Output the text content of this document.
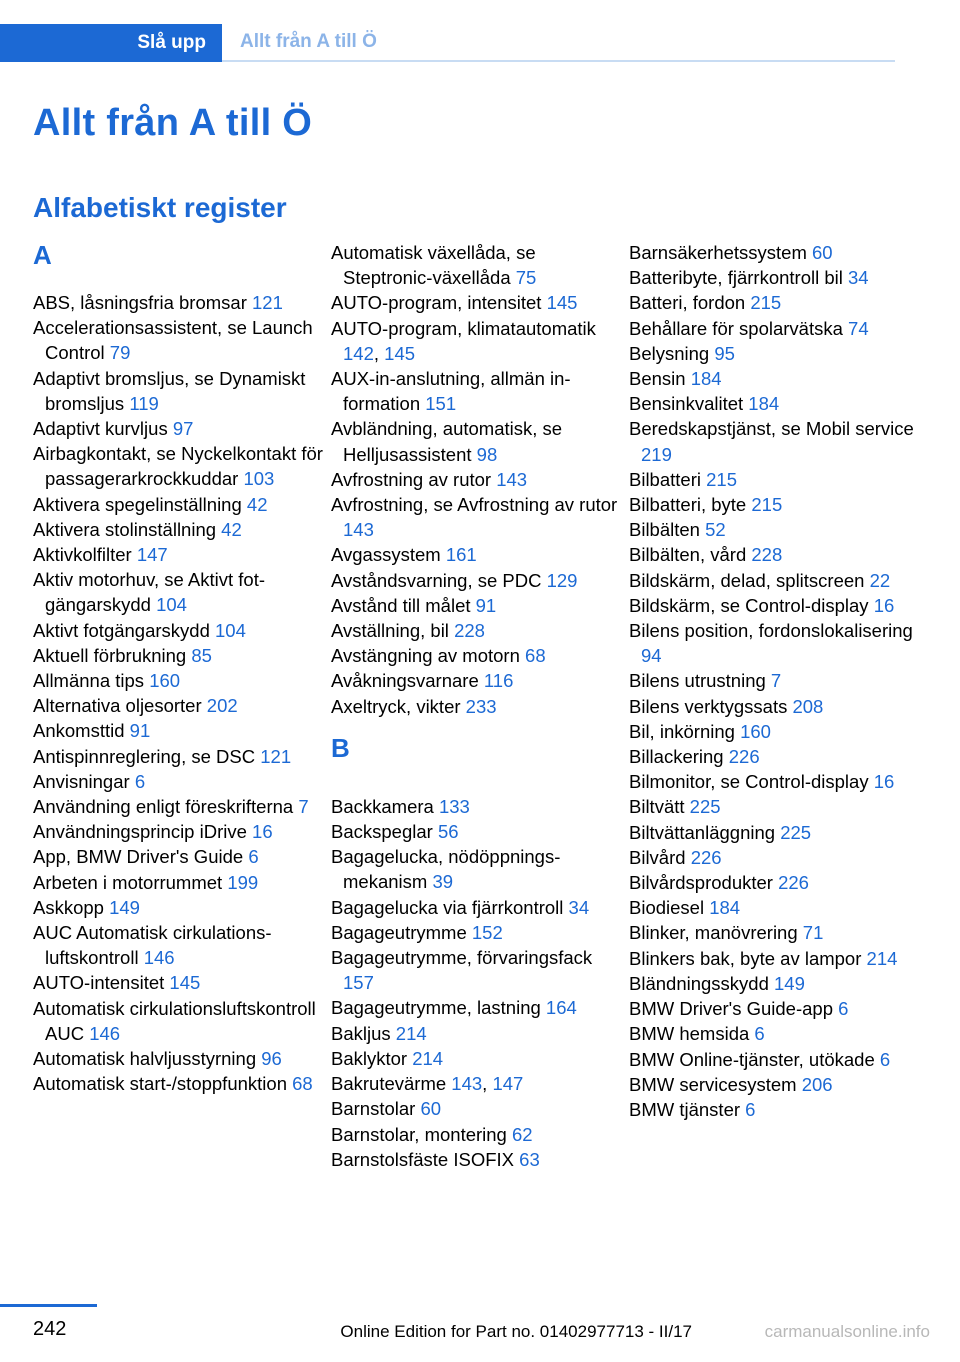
Slå upp Allt från A till Ö
Allt från A till Ö
Alfabetiskt register
A
ABS, låsningsfria bromsar 121
Accelerationsassistent, se Launch Control 79
Adaptivt bromsljus, se Dynamiskt bromsljus 119
Adaptivt kurvljus 97
Airbagkontakt, se Nyckelkontakt för passagerarkrockkuddar 103
Aktivera spegelinställning 42
Aktivera stolinställning 42
Aktivkolfilter 147
Aktiv motorhuv, se Aktivt fotgängarskydd 104
Aktivt fotgängarskydd 104
Aktuell förbrukning 85
Allmänna tips 160
Alternativa oljesorter 202
Ankomsttid 91
Antispinnreglering, se DSC 121
Anvisningar 6
Användning enligt föreskrifterna 7
Användningsprincip iDrive 16
App, BMW Driver's Guide 6
Arbeten i motorrummet 199
Askkopp 149
AUC Automatisk cirkulationsluftskontroll 146
AUTO-intensitet 145
Automatisk cirkulationsluftskontroll AUC 146
Automatisk halvljusstyrning 96
Automatisk start-/stoppfunktion 68
Automatisk växellåda, se Steptronic-växellåda 75
AUTO-program, intensitet 145
AUTO-program, klimatautomatik 142, 145
AUX-in-anslutning, allmän information 151
Avbländning, automatisk, se Helljusassistent 98
Avfrostning av rutor 143
Avfrostning, se Avfrostning av rutor 143
Avgassystem 161
Avståndsvarning, se PDC 129
Avstånd till målet 91
Avställning, bil 228
Avstängning av motorn 68
Avåkningsvarnare 116
Axeltryck, vikter 233
B
Backkamera 133
Backspeglar 56
Bagagelucka, nödöppningsmekanism 39
Bagagelucka via fjärrkontroll 34
Bagageutrymme 152
Bagageutrymme, förvaringsfack 157
Bagageutrymme, lastning 164
Bakljus 214
Baklyktor 214
Bakrutevärme 143, 147
Barnstolar 60
Barnstolar, montering 62
Barnstolsfäste ISOFIX 63
Barnsäkerhetssystem 60
Batteribyte, fjärrkontroll bil 34
Batteri, fordon 215
Behållare för spolarvätska 74
Belysning 95
Bensin 184
Bensinkvalitet 184
Beredskapstjänst, se Mobil service 219
Bilbatteri 215
Bilbatteri, byte 215
Bilbälten 52
Bilbälten, vård 228
Bildskärm, delad, splitscreen 22
Bildskärm, se Control-display 16
Bilens position, fordonslokalisering 94
Bilens utrustning 7
Bilens verktygssats 208
Bil, inkörning 160
Billackering 226
Bilmonitor, se Control-display 16
Biltvätt 225
Biltvättanläggning 225
Bilvård 226
Bilvårdsprodukter 226
Biodiesel 184
Blinker, manövrering 71
Blinkers bak, byte av lampor 214
Bländningsskydd 149
BMW Driver's Guide-app 6
BMW hemsida 6
BMW Online-tjänster, utökade 6
BMW servicesystem 206
BMW tjänster 6
242	Online Edition for Part no. 01402977713 - II/17	carmanualsonline.info
